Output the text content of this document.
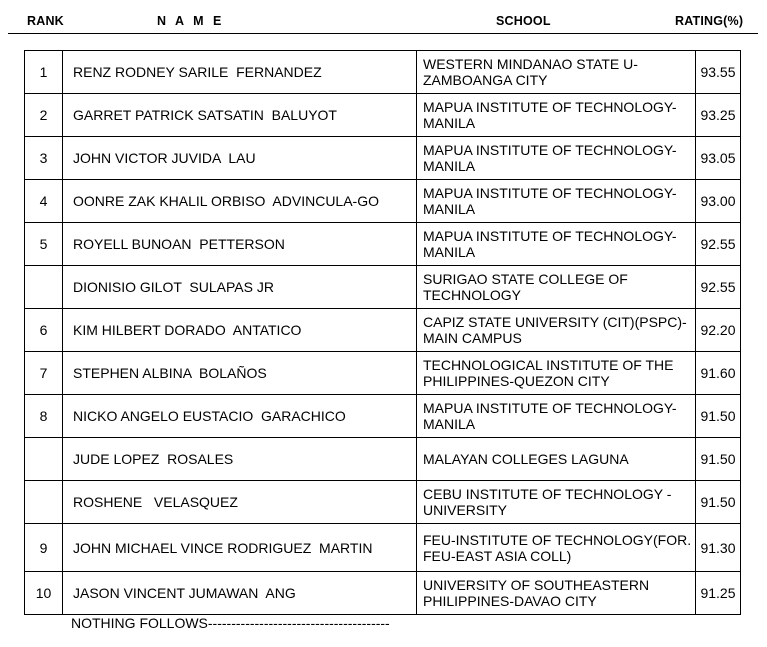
RANK	N A M E	SCHOOL	RATING(%)
1	RENZ RODNEY SARILE  FERNANDEZ	WESTERN MINDANAO STATE U-ZAMBOANGA CITY	93.55
2	GARRET PATRICK SATSATIN  BALUYOT	MAPUA INSTITUTE OF TECHNOLOGY-MANILA	93.25
3	JOHN VICTOR JUVIDA  LAU	MAPUA INSTITUTE OF TECHNOLOGY-MANILA	93.05
4	OONRE ZAK KHALIL ORBISO  ADVINCULA-GO	MAPUA INSTITUTE OF TECHNOLOGY-MANILA	93.00
5	ROYELL BUNOAN  PETTERSON	MAPUA INSTITUTE OF TECHNOLOGY-MANILA	92.55
	DIONISIO GILOT  SULAPAS JR	SURIGAO STATE COLLEGE OF TECHNOLOGY	92.55
6	KIM HILBERT DORADO  ANTATICO	CAPIZ STATE UNIVERSITY (CIT)(PSPC)-MAIN CAMPUS	92.20
7	STEPHEN ALBINA  BOLAÑOS	TECHNOLOGICAL INSTITUTE OF THE PHILIPPINES-QUEZON CITY	91.60
8	NICKO ANGELO EUSTACIO  GARACHICO	MAPUA INSTITUTE OF TECHNOLOGY-MANILA	91.50
	JUDE LOPEZ  ROSALES	MALAYAN COLLEGES LAGUNA	91.50
	ROSHENE   VELASQUEZ	CEBU INSTITUTE OF TECHNOLOGY - UNIVERSITY	91.50
9	JOHN MICHAEL VINCE RODRIGUEZ  MARTIN	FEU-INSTITUTE OF TECHNOLOGY(FOR. FEU-EAST ASIA COLL)	91.30
10	JASON VINCENT JUMAWAN  ANG	UNIVERSITY OF SOUTHEASTERN PHILIPPINES-DAVAO CITY	91.25
NOTHING FOLLOWS---------------------------------------
